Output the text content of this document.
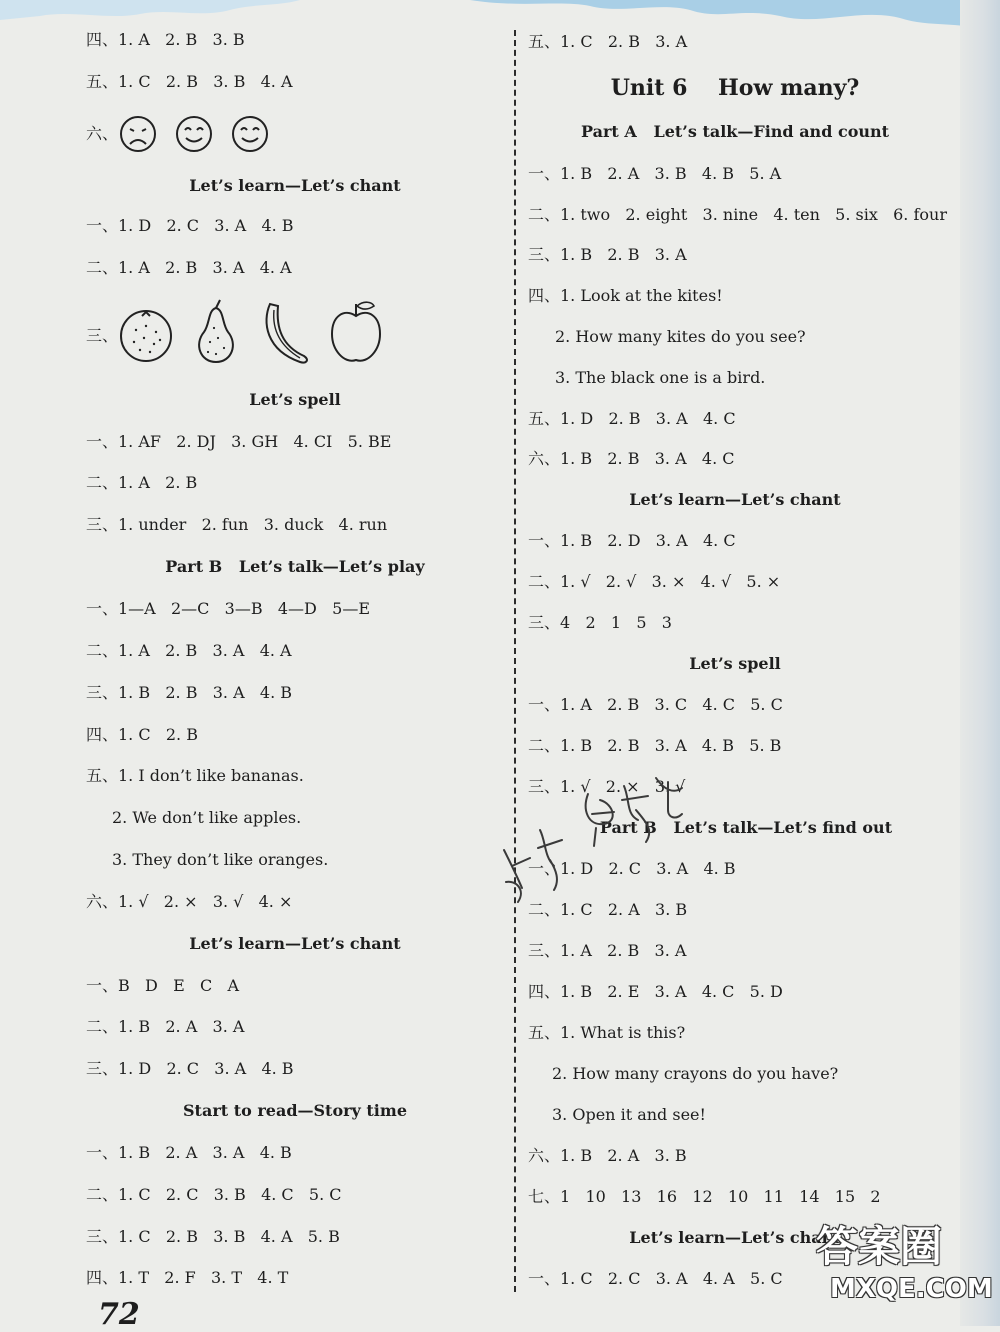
四、1. A   2. B   3. B
五、1. C   2. B   3. B   4. A
六、
Let’s learn—Let’s chant
一、1. D   2. C   3. A   4. B
二、1. A   2. B   3. A   4. A
三、
Let’s spell
一、1. AF   2. DJ   3. GH   4. CI   5. BE
二、1. A   2. B
三、1. under   2. fun   3. duck   4. run
Part B   Let’s talk—Let’s play
一、1—A   2—C   3—B   4—D   5—E
二、1. A   2. B   3. A   4. A
三、1. B   2. B   3. A   4. B
四、1. C   2. B
五、1. I don’t like bananas.
2. We don’t like apples.
3. They don’t like oranges.
六、1. √   2. ×   3. √   4. ×
Let’s learn—Let’s chant
一、B   D   E   C   A
二、1. B   2. A   3. A
三、1. D   2. C   3. A   4. B
Start to read—Story time
一、1. B   2. A   3. A   4. B
二、1. C   2. C   3. B   4. C   5. C
三、1. C   2. B   3. B   4. A   5. B
四、1. T   2. F   3. T   4. T
72
五、1. C   2. B   3. A
Unit 6    How many?
Part A   Let’s talk—Find and count
一、1. B   2. A   3. B   4. B   5. A
二、1. two   2. eight   3. nine   4. ten   5. six   6. four
三、1. B   2. B   3. A
四、1. Look at the kites!
2. How many kites do you see?
3. The black one is a bird.
五、1. D   2. B   3. A   4. C
六、1. B   2. B   3. A   4. C
Let’s learn—Let’s chant
一、1. B   2. D   3. A   4. C
二、1. √   2. √   3. ×   4. √   5. ×
三、4   2   1   5   3
Let’s spell
一、1. A   2. B   3. C   4. C   5. C
二、1. B   2. B   3. A   4. B   5. B
三、1. √   2. ×   3. √
Part B   Let’s talk—Let’s find out
一、1. D   2. C   3. A   4. B
二、1. C   2. A   3. B
三、1. A   2. B   3. A
四、1. B   2. E   3. A   4. C   5. D
五、1. What is this?
2. How many crayons do you have?
3. Open it and see!
六、1. B   2. A   3. B
七、1   10   13   16   12   10   11   14   15   2
Let’s learn—Let’s chant
一、1. C   2. C   3. A   4. A   5. C
答案圈
MXQE.COM
